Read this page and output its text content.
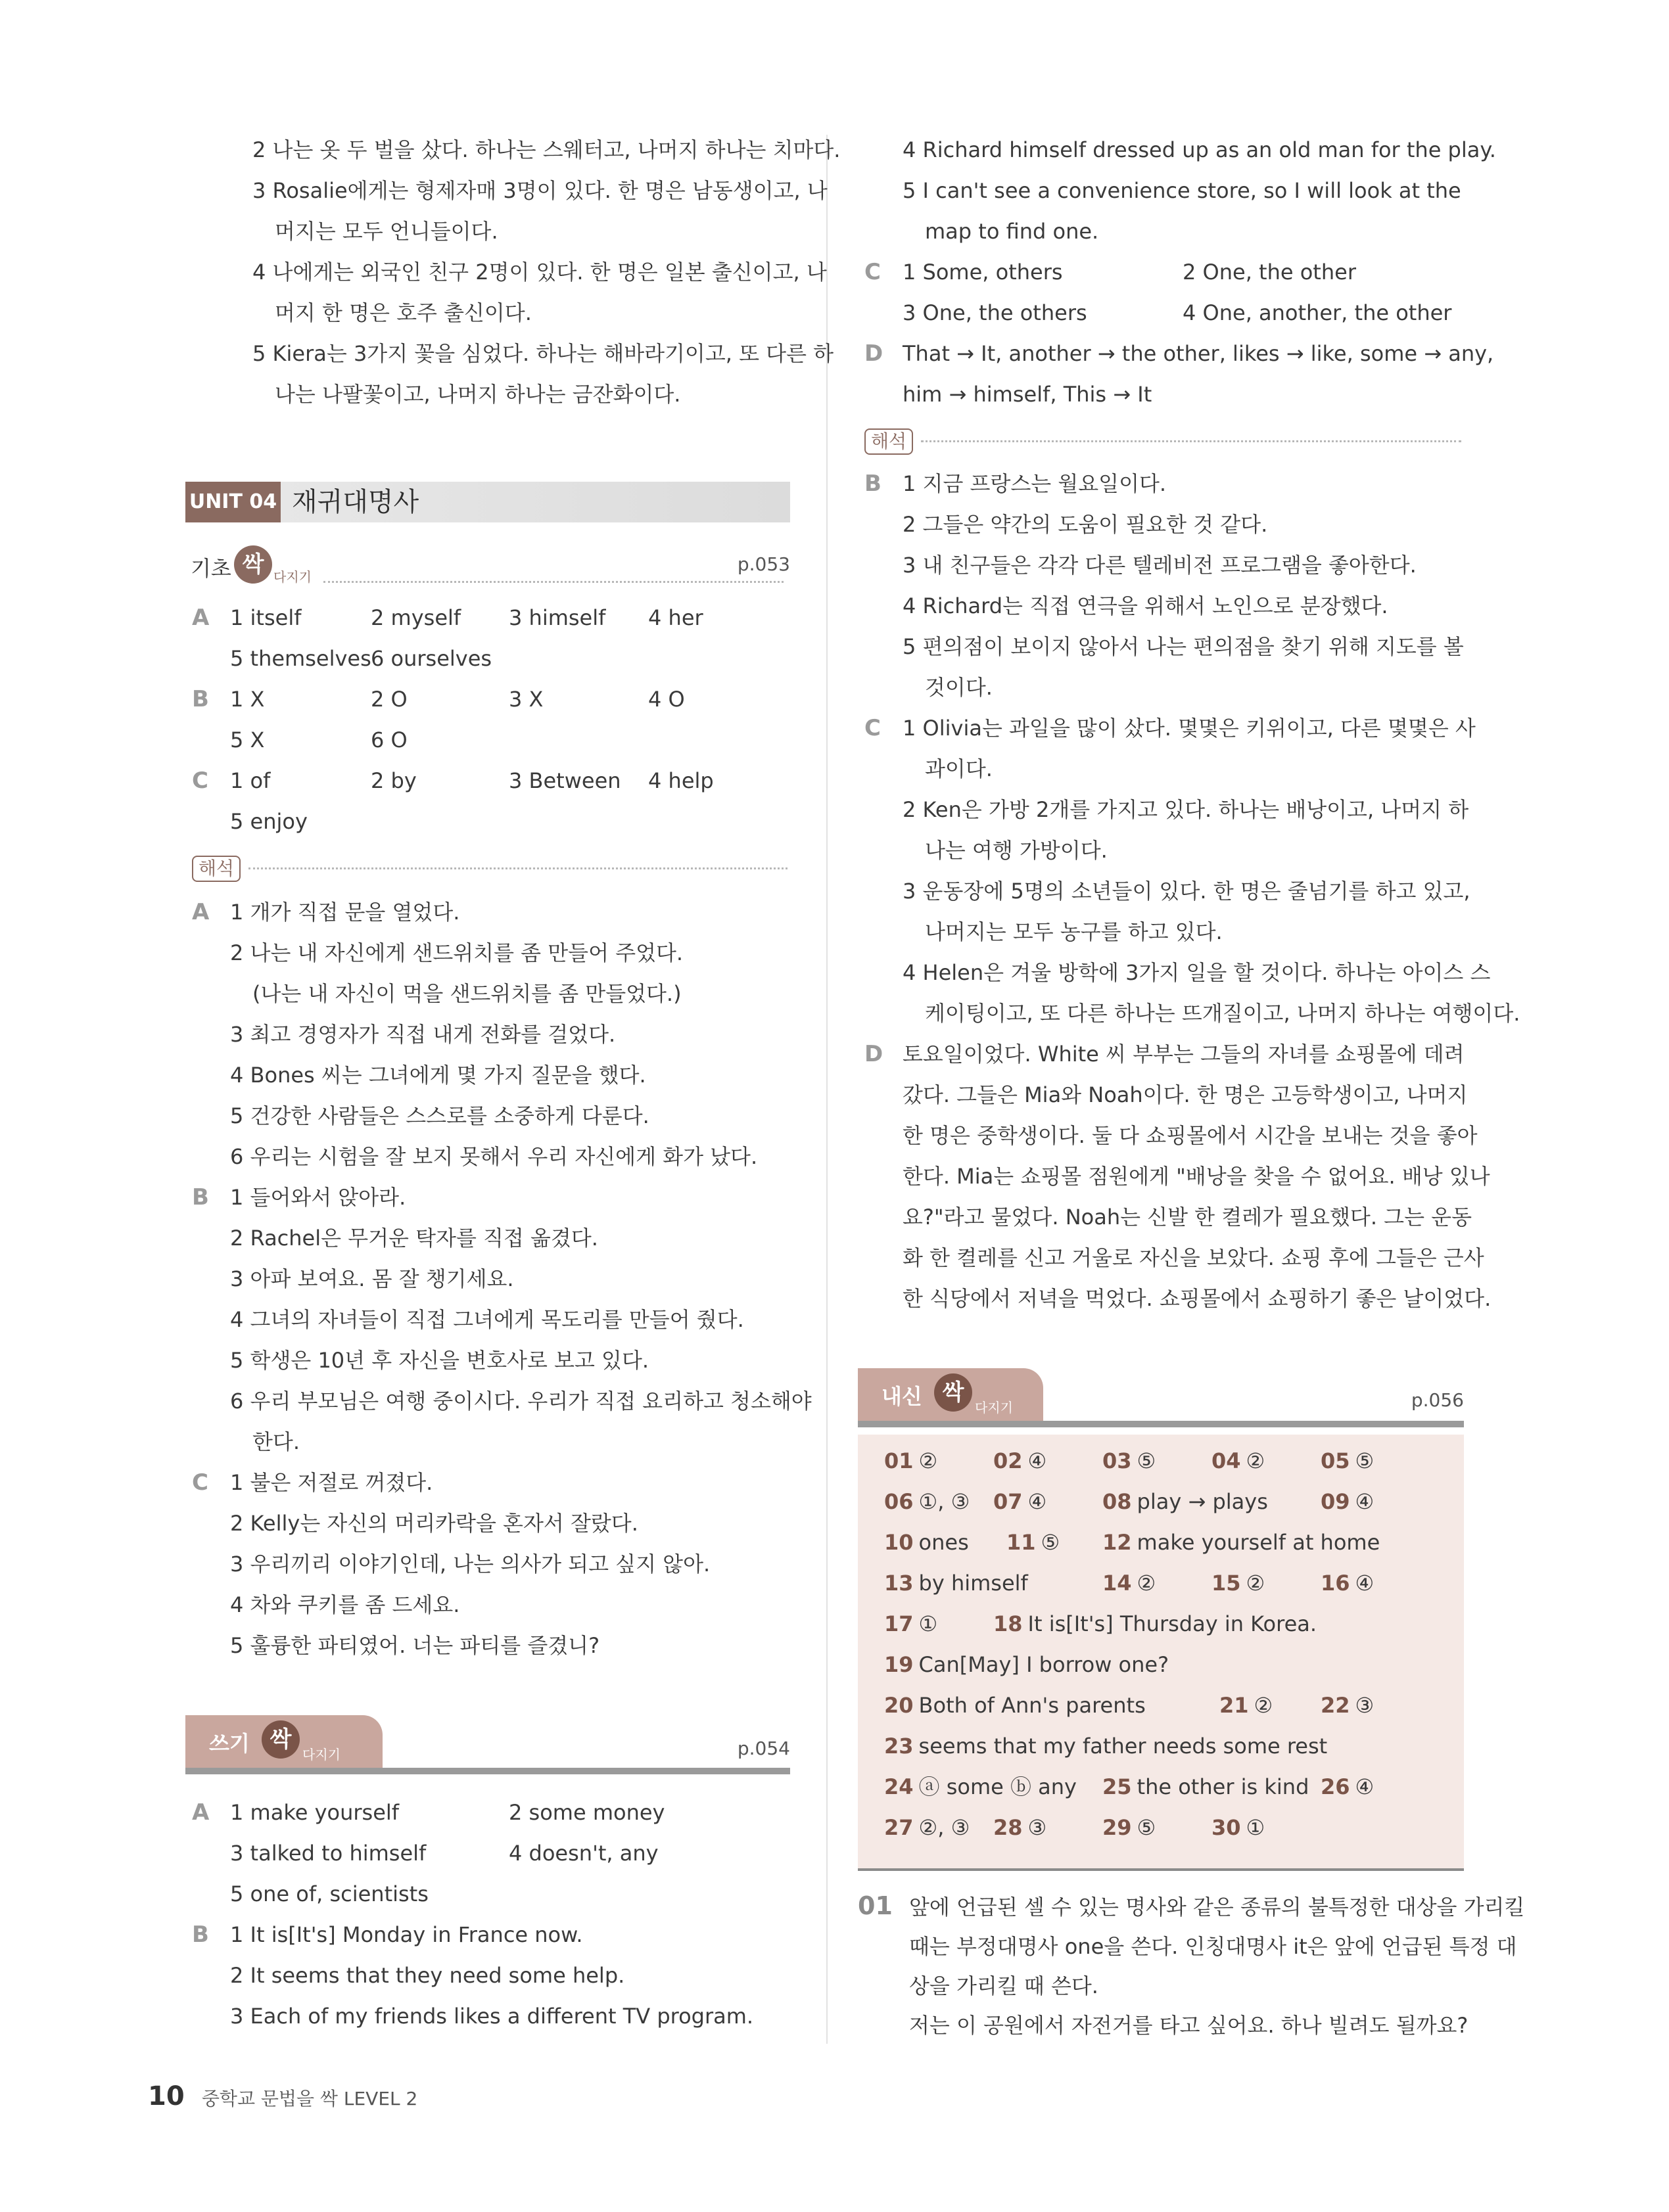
2 나는 옷 두 벌을 샀다. 하나는 스웨터고, 나머지 하나는 치마다.
3 Rosalie에게는 형제자매 3명이 있다. 한 명은 남동생이고, 나
머지는 모두 언니들이다.
4 나에게는 외국인 친구 2명이 있다. 한 명은 일본 출신이고, 나
머지 한 명은 호주 출신이다.
5 Kiera는 3가지 꽃을 심었다. 하나는 해바라기이고, 또 다른 하
나는 나팔꽃이고, 나머지 하나는 금잔화이다.
UNIT 04 재귀대명사
기초 싹 다지기
p.053
A 1 itself	2 myself 3 himself 4 her
5 themselves 6 ourselves
B 1 X	2 O	3 X	4 O
5 X	6 O
C 1 of	2 by	3 Between 4 help
5 enjoy
해석
A 1 개가 직접 문을 열었다.
2 나는 내 자신에게 샌드위치를 좀 만들어 주었다.
(나는 내 자신이 먹을 샌드위치를 좀 만들었다.)
3 최고 경영자가 직접 내게 전화를 걸었다.
4 Bones 씨는 그녀에게 몇 가지 질문을 했다.
5 건강한 사람들은 스스로를 소중하게 다룬다.
6 우리는 시험을 잘 보지 못해서 우리 자신에게 화가 났다.
B 1 들어와서 앉아라.
2 Rachel은 무거운 탁자를 직접 옮겼다.
3 아파 보여요. 몸 잘 챙기세요.
4 그녀의 자녀들이 직접 그녀에게 목도리를 만들어 줬다.
5 학생은 10년 후 자신을 변호사로 보고 있다.
6 우리 부모님은 여행 중이시다. 우리가 직접 요리하고 청소해야
한다.
C 1 불은 저절로 꺼졌다.
2 Kelly는 자신의 머리카락을 혼자서 잘랐다.
3 우리끼리 이야기인데, 나는 의사가 되고 싶지 않아.
4 차와 쿠키를 좀 드세요.
5 훌륭한 파티였어. 너는 파티를 즐겼니?
쓰기 싹
다지기	p.054
A 1 make yourself	2 some money
3 talked to himself	4 doesn't, any
5 one of, scientists
B 1 It is[It's] Monday in France now.
2 It seems that they need some help.
3 Each of my friends likes a different TV program.
4 Richard himself dressed up as an old man for the play.
5 I can't see a convenience store, so I will look at the
map to find one.
C 1 Some, others	2 One, the other
3 One, the others	4 One, another, the other
D That → It, another → the other, likes → like, some → any,
him → himself, This → It
해석
B 1 지금 프랑스는 월요일이다.
2 그들은 약간의 도움이 필요한 것 같다.
3 내 친구들은 각각 다른 텔레비전 프로그램을 좋아한다.
4 Richard는 직접 연극을 위해서 노인으로 분장했다.
5 편의점이 보이지 않아서 나는 편의점을 찾기 위해 지도를 볼
것이다.
C 1 Olivia는 과일을 많이 샀다. 몇몇은 키위이고, 다른 몇몇은 사
과이다.
2 Ken은 가방 2개를 가지고 있다. 하나는 배낭이고, 나머지 하
나는 여행 가방이다.
3 운동장에 5명의 소년들이 있다. 한 명은 줄넘기를 하고 있고,
나머지는 모두 농구를 하고 있다.
4 Helen은 겨울 방학에 3가지 일을 할 것이다. 하나는 아이스 스
케이팅이고, 또 다른 하나는 뜨개질이고, 나머지 하나는 여행이다.
D 토요일이었다. White 씨 부부는 그들의 자녀를 쇼핑몰에 데려
갔다. 그들은 Mia와 Noah이다. 한 명은 고등학생이고, 나머지
한 명은 중학생이다. 둘 다 쇼핑몰에서 시간을 보내는 것을 좋아
한다. Mia는 쇼핑몰 점원에게 "배낭을 찾을 수 없어요. 배낭 있나
요?"라고 물었다. Noah는 신발 한 켤레가 필요했다. 그는 운동
화 한 켤레를 신고 거울로 자신을 보았다. 쇼핑 후에 그들은 근사
한 식당에서 저녁을 먹었다. 쇼핑몰에서 쇼핑하기 좋은 날이었다.
내신 싹
다지기	p.056
01 ②	02 ④	03 ⑤	04 ②	05 ⑤
06 ①, ③ 07 ④	08 play → plays	09 ④
10 ones 11 ⑤ 12 make yourself at home
13 by himself	14 ②	15 ②	16 ④
17 ①	18 It is[It's] Thursday in Korea.
19 Can[May] I borrow one?
20 Both of Ann's parents	21 ② 22 ③
23 seems that my father needs some rest
24 ⓐ some ⓑ any 25 the other is kind 26 ④
27 ②, ③ 28 ③	29 ⑤	30 ①
01 앞에 언급된 셀 수 있는 명사와 같은 종류의 불특정한 대상을 가리킬
때는 부정대명사 one을 쓴다. 인칭대명사 it은 앞에 언급된 특정 대
상을 가리킬 때 쓴다.
저는 이 공원에서 자전거를 타고 싶어요. 하나 빌려도 될까요?
10 중학교 문법을 싹 LEVEL 2
